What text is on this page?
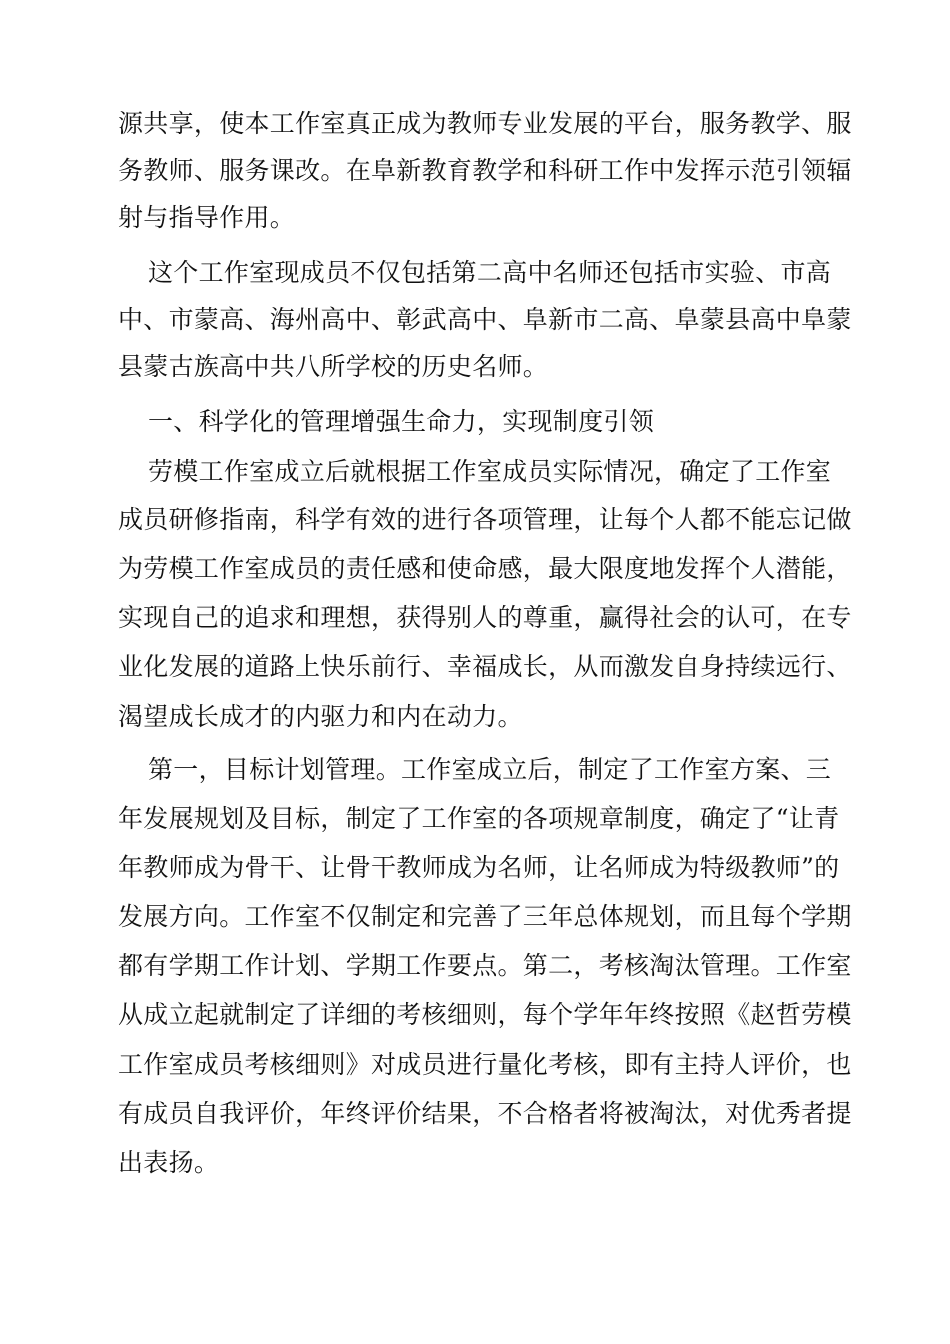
源共享，使本工作室真正成为教师专业发展的平台，服务教学、服
务教师、服务课改。在阜新教育教学和科研工作中发挥示范引领辐
射与指导作用。
这个工作室现成员不仅包括第二高中名师还包括市实验、市高
中、市蒙高、海州高中、彰武高中、阜新市二高、阜蒙县高中阜蒙
县蒙古族高中共八所学校的历史名师。
一、科学化的管理增强生命力，实现制度引领
劳模工作室成立后就根据工作室成员实际情况，确定了工作室
成员研修指南，科学有效的进行各项管理，让每个人都不能忘记做
为劳模工作室成员的责任感和使命感，最大限度地发挥个人潜能，
实现自己的追求和理想，获得别人的尊重，赢得社会的认可，在专
业化发展的道路上快乐前行、幸福成长，从而激发自身持续远行、
渴望成长成才的内驱力和内在动力。
第一，目标计划管理。工作室成立后，制定了工作室方案、三
年发展规划及目标，制定了工作室的各项规章制度，确定了“让青
年教师成为骨干、让骨干教师成为名师，让名师成为特级教师”的
发展方向。工作室不仅制定和完善了三年总体规划，而且每个学期
都有学期工作计划、学期工作要点。第二，考核淘汰管理。工作室
从成立起就制定了详细的考核细则，每个学年年终按照《赵哲劳模
工作室成员考核细则》对成员进行量化考核，即有主持人评价，也
有成员自我评价，年终评价结果，不合格者将被淘汰，对优秀者提
出表扬。
